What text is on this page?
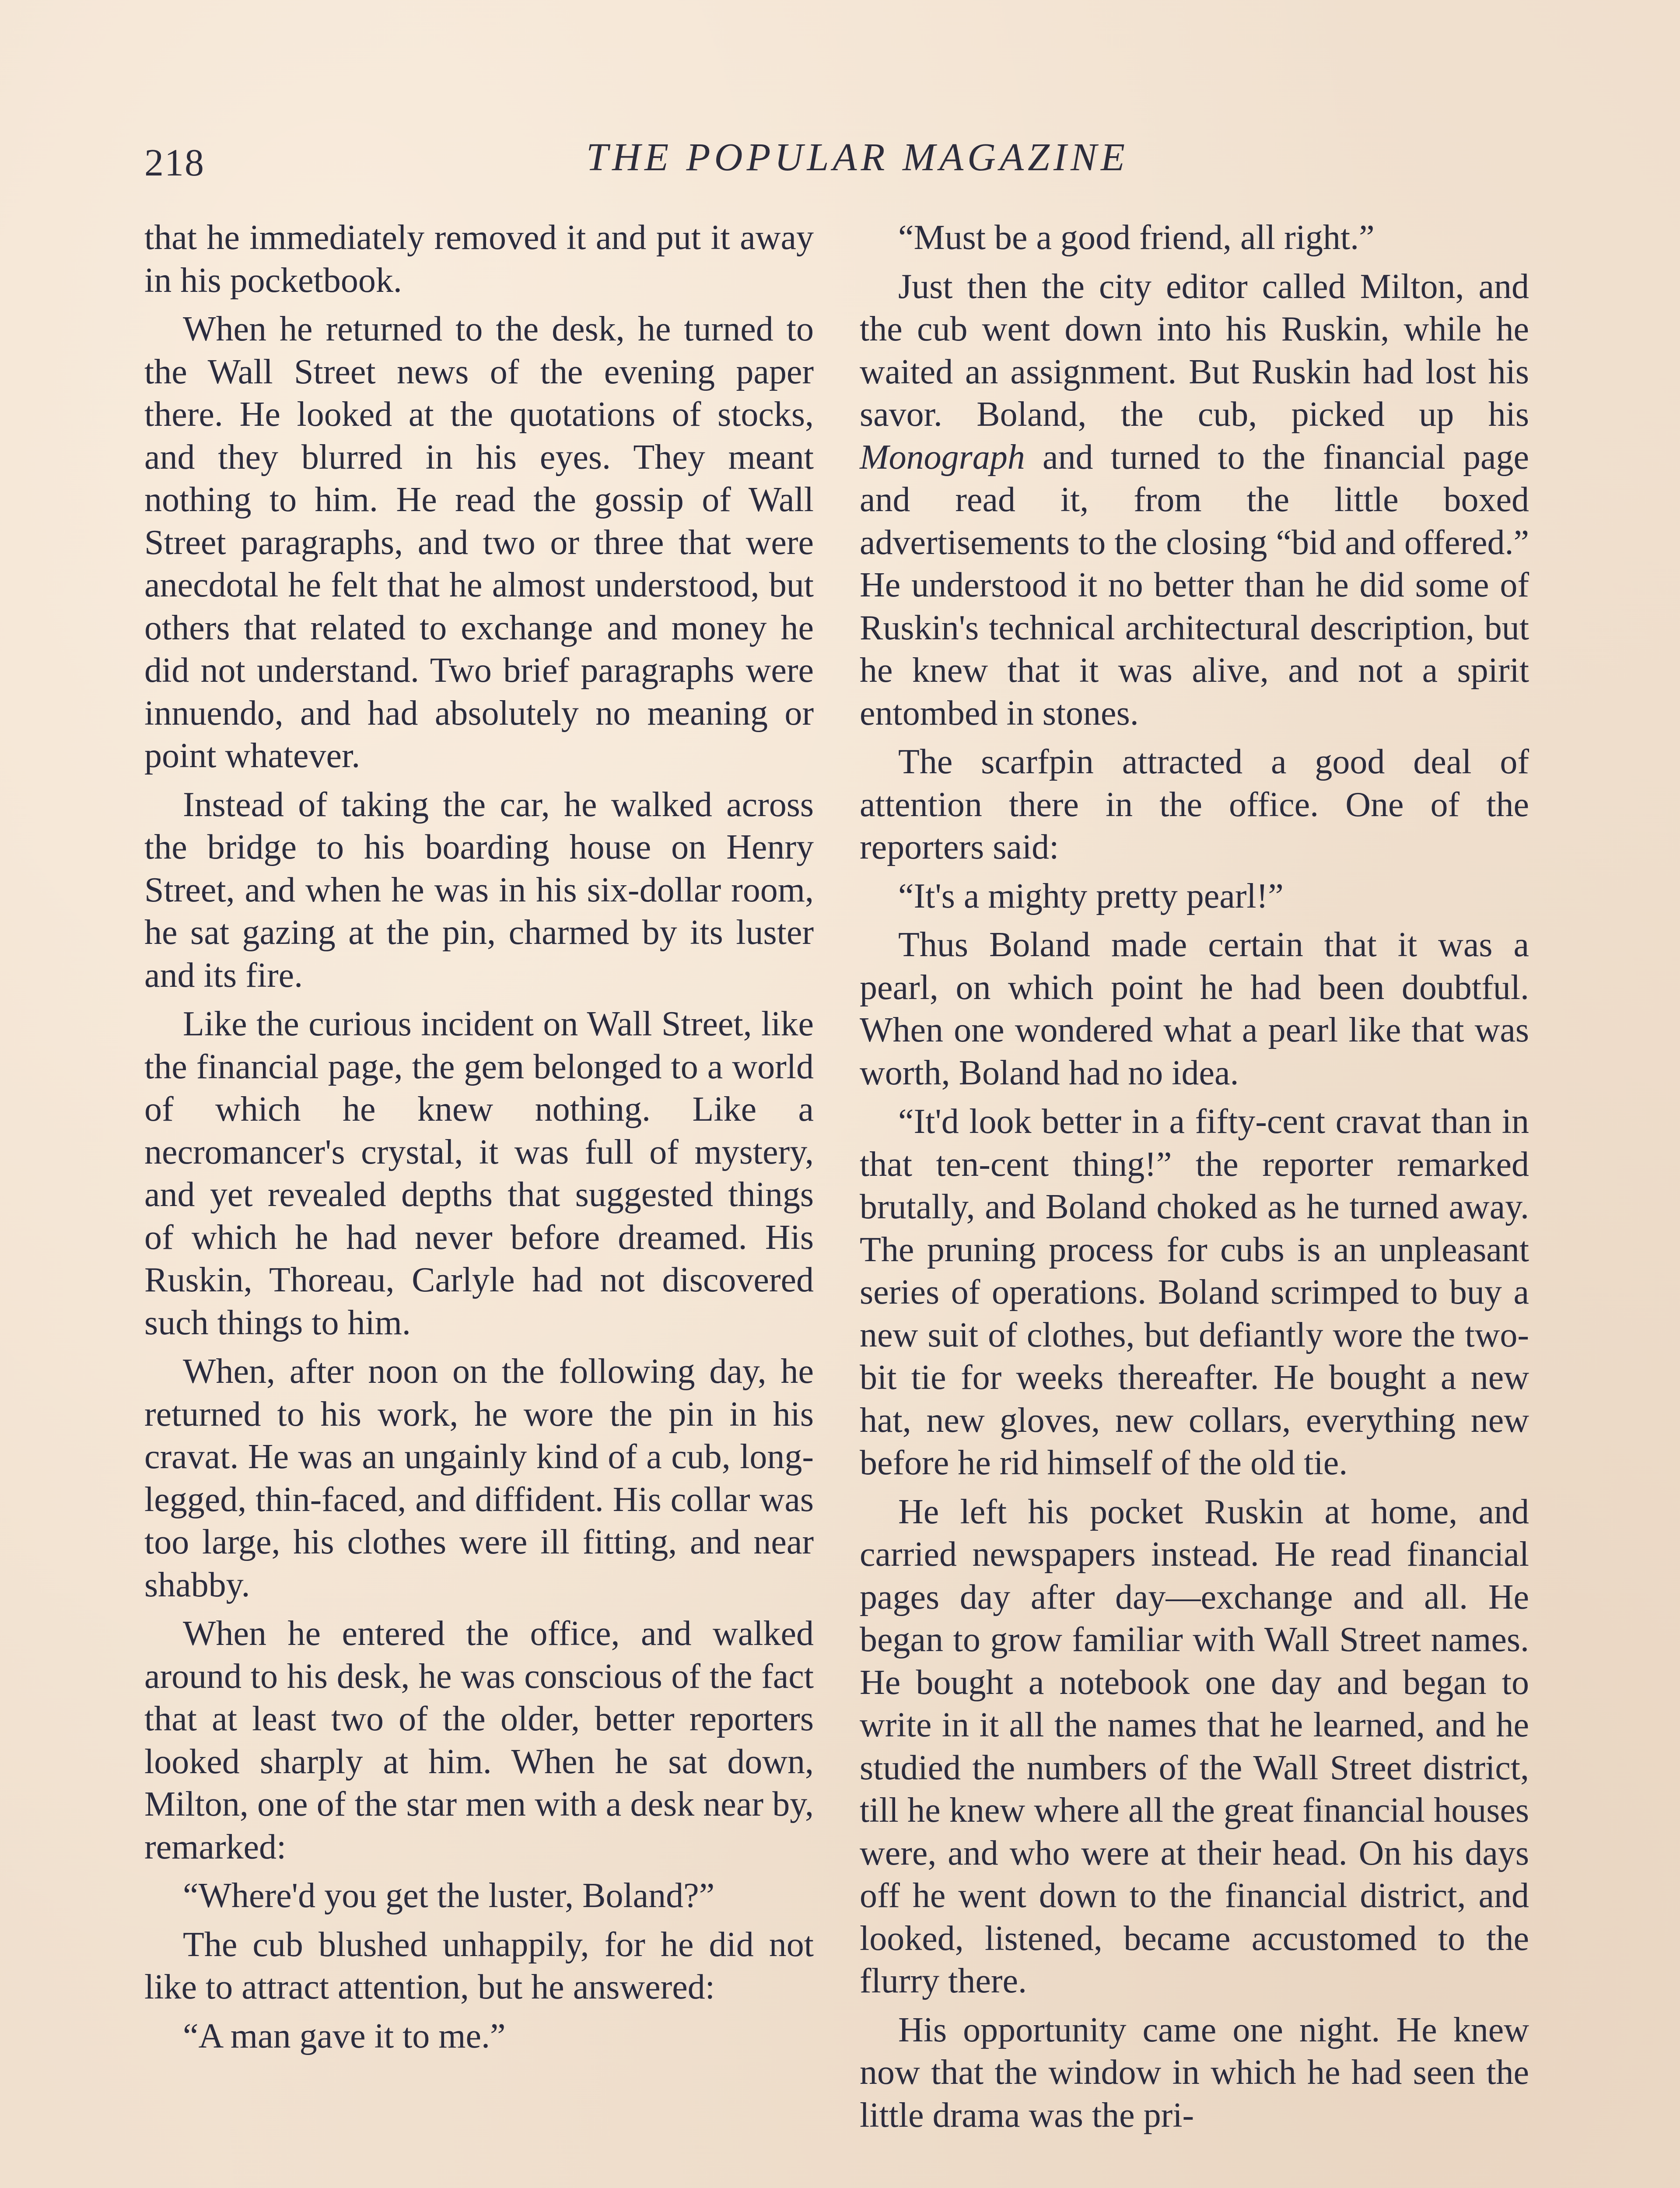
218	THE POPULAR MAGAZINE

that he immediately removed it and put it away in his pocketbook.

When he returned to the desk, he turned to the Wall Street news of the evening paper there. He looked at the quotations of stocks, and they blurred in his eyes. They meant nothing to him. He read the gossip of Wall Street paragraphs, and two or three that were anecdotal he felt that he almost understood, but others that related to exchange and money he did not understand. Two brief paragraphs were innuendo, and had absolutely no meaning or point whatever.

Instead of taking the car, he walked across the bridge to his boarding house on Henry Street, and when he was in his six-dollar room, he sat gazing at the pin, charmed by its luster and its fire.

Like the curious incident on Wall Street, like the financial page, the gem belonged to a world of which he knew nothing. Like a necromancer's crystal, it was full of mystery, and yet revealed depths that suggested things of which he had never before dreamed. His Ruskin, Thoreau, Carlyle had not discovered such things to him.

When, after noon on the following day, he returned to his work, he wore the pin in his cravat. He was an ungainly kind of a cub, long-legged, thin-faced, and diffident. His collar was too large, his clothes were ill fitting, and near shabby.

When he entered the office, and walked around to his desk, he was conscious of the fact that at least two of the older, better reporters looked sharply at him. When he sat down, Milton, one of the star men with a desk near by, remarked:

“Where'd you get the luster, Boland?”

The cub blushed unhappily, for he did not like to attract attention, but he answered:

“A man gave it to me.”

“Must be a good friend, all right.”

Just then the city editor called Milton, and the cub went down into his Ruskin, while he waited an assignment. But Ruskin had lost his savor. Boland, the cub, picked up his Monograph and turned to the financial page and read it, from the little boxed advertisements to the closing “bid and offered.” He understood it no better than he did some of Ruskin's technical architectural description, but he knew that it was alive, and not a spirit entombed in stones.

The scarfpin attracted a good deal of attention there in the office. One of the reporters said:

“It's a mighty pretty pearl!”

Thus Boland made certain that it was a pearl, on which point he had been doubtful. When one wondered what a pearl like that was worth, Boland had no idea.

“It'd look better in a fifty-cent cravat than in that ten-cent thing!” the reporter remarked brutally, and Boland choked as he turned away. The pruning process for cubs is an unpleasant series of operations. Boland scrimped to buy a new suit of clothes, but defiantly wore the two-bit tie for weeks thereafter. He bought a new hat, new gloves, new collars, everything new before he rid himself of the old tie.

He left his pocket Ruskin at home, and carried newspapers instead. He read financial pages day after day—exchange and all. He began to grow familiar with Wall Street names. He bought a notebook one day and began to write in it all the names that he learned, and he studied the numbers of the Wall Street district, till he knew where all the great financial houses were, and who were at their head. On his days off he went down to the financial district, and looked, listened, became accustomed to the flurry there.

His opportunity came one night. He knew now that the window in which he had seen the little drama was the pri-
